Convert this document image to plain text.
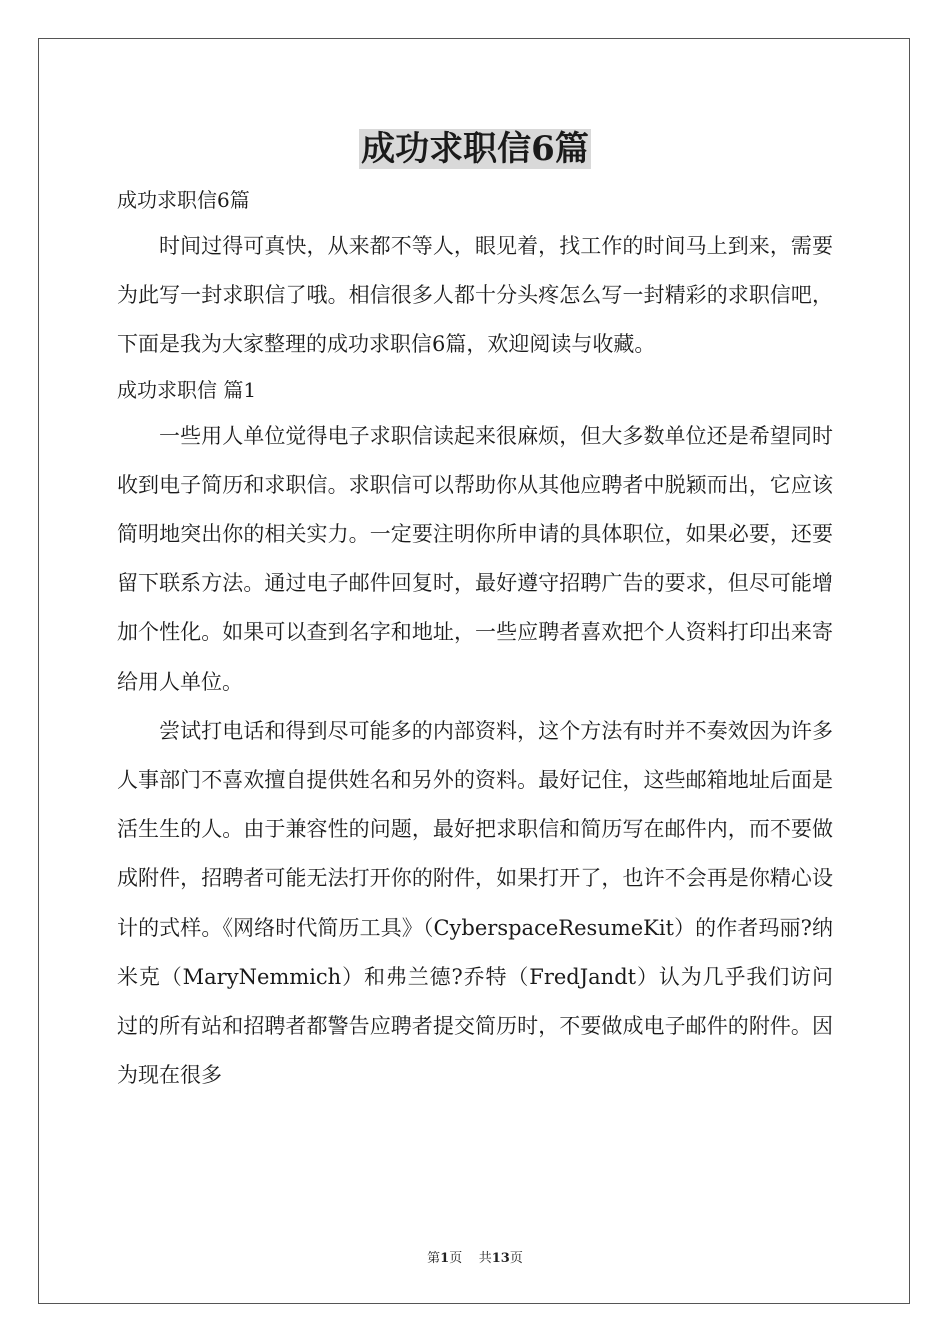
成功求职信6篇
成功求职信6篇

时间过得可真快，从来都不等人，眼见着，找工作的时间马上到来，需要为此写一封求职信了哦。相信很多人都十分头疼怎么写一封精彩的求职信吧，下面是我为大家整理的成功求职信6篇，欢迎阅读与收藏。

成功求职信 篇1

一些用人单位觉得电子求职信读起来很麻烦，但大多数单位还是希望同时收到电子简历和求职信。求职信可以帮助你从其他应聘者中脱颖而出，它应该简明地突出你的相关实力。一定要注明你所申请的具体职位，如果必要，还要留下联系方法。通过电子邮件回复时，最好遵守招聘广告的要求，但尽可能增加个性化。如果可以查到名字和地址，一些应聘者喜欢把个人资料打印出来寄给用人单位。

尝试打电话和得到尽可能多的内部资料，这个方法有时并不奏效因为许多人事部门不喜欢擅自提供姓名和另外的资料。最好记住，这些邮箱地址后面是活生生的人。由于兼容性的问题，最好把求职信和简历写在邮件内，而不要做成附件，招聘者可能无法打开你的附件，如果打开了，也许不会再是你精心设计的式样。《网络时代简历工具》（CyberspaceResumeKit）的作者玛丽?纳米克（MaryNemmich）和弗兰德?乔特（FredJandt）认为几乎我们访问过的所有站和招聘者都警告应聘者提交简历时，不要做成电子邮件的附件。因为现在很多

第1页    共13页
